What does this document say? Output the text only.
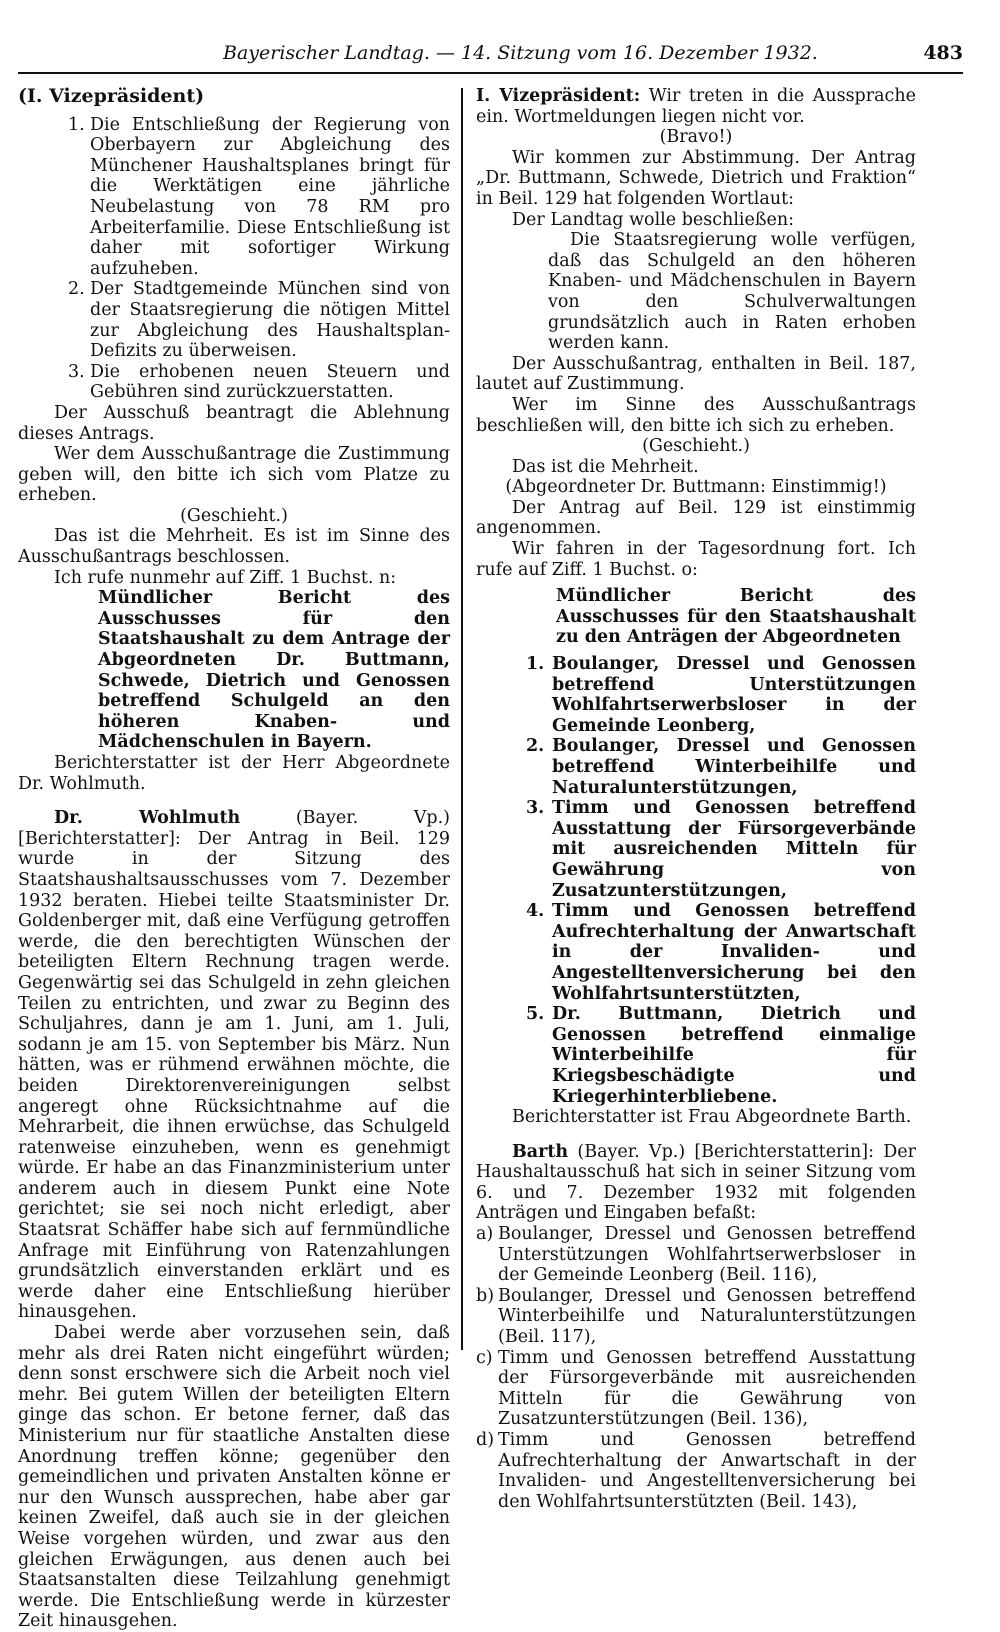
Bayerischer Landtag. — 14. Sitzung vom 16. Dezember 1932.	483

(I. Vizepräsident)

1. Die Entschließung der Regierung von Oberbayern zur Abgleichung des Münchener Haushaltsplanes bringt für die Werktätigen eine jährliche Neubelastung von 78 RM pro Arbeiterfamilie. Diese Entschließung ist daher mit sofortiger Wirkung aufzuheben.

2. Der Stadtgemeinde München sind von der Staatsregierung die nötigen Mittel zur Abgleichung des Haushaltsplan-Defizits zu überweisen.

3. Die erhobenen neuen Steuern und Gebühren sind zurückzuerstatten.

Der Ausschuß beantragt die Ablehnung dieses Antrags.

Wer dem Ausschußantrage die Zustimmung geben will, den bitte ich sich vom Platze zu erheben.

(Geschieht.)

Das ist die Mehrheit. Es ist im Sinne des Ausschußantrags beschlossen.

Ich rufe nunmehr auf Ziff. 1 Buchst. n:

Mündlicher Bericht des Ausschusses für den Staatshaushalt zu dem Antrage der Abgeordneten Dr. Buttmann, Schwede, Dietrich und Genossen betreffend Schulgeld an den höheren Knaben- und Mädchenschulen in Bayern.

Berichterstatter ist der Herr Abgeordnete Dr. Wohlmuth.

Dr. Wohlmuth	(Bayer. Vp.) [Berichterstatter]: Der Antrag in Beil. 129 wurde in der Sitzung des Staatshaushaltsausschusses vom 7. Dezember 1932 beraten. Hiebei teilte Staatsminister Dr. Goldenberger mit, daß eine Verfügung getroffen werde, die den berechtigten Wünschen der beteiligten Eltern Rechnung tragen werde. Gegenwärtig sei das Schulgeld in zehn gleichen Teilen zu entrichten, und zwar zu Beginn des Schuljahres, dann je am 1. Juni, am 1. Juli, sodann je am 15. von September bis März. Nun hätten, was er rühmend erwähnen möchte, die beiden Direktorenvereinigungen selbst angeregt ohne Rücksichtnahme auf die Mehrarbeit, die ihnen erwüchse, das Schulgeld ratenweise einzuheben, wenn es genehmigt würde. Er habe an das Finanzministerium unter anderem auch in diesem Punkt eine Note gerichtet; sie sei noch nicht erledigt, aber Staatsrat Schäffer habe sich auf fernmündliche Anfrage mit Einführung von Ratenzahlungen grundsätzlich einverstanden erklärt und es werde daher eine Entschließung hierüber hinausgehen.

Dabei werde aber vorzusehen sein, daß mehr als drei Raten nicht eingeführt würden; denn sonst erschwere sich die Arbeit noch viel mehr. Bei gutem Willen der beteiligten Eltern ginge das schon. Er betone ferner, daß das Ministerium nur für staatliche Anstalten diese Anordnung treffen könne; gegenüber den gemeindlichen und privaten Anstalten könne er nur den Wunsch aussprechen, habe aber gar keinen Zweifel, daß auch sie in der gleichen Weise vorgehen würden, und zwar aus den gleichen Erwägungen, aus denen auch bei Staatsanstalten diese Teilzahlung genehmigt werde. Die Entschließung werde in kürzester Zeit hinausgehen.

I. Vizepräsident: Wir treten in die Aussprache ein. Wortmeldungen liegen nicht vor.

(Bravo!)

Wir kommen zur Abstimmung. Der Antrag „Dr. Buttmann, Schwede, Dietrich und Fraktion“ in Beil. 129 hat folgenden Wortlaut:

Der Landtag wolle beschließen:

Die Staatsregierung wolle verfügen, daß das Schulgeld an den höheren Knaben- und Mädchenschulen in Bayern von den Schulverwaltungen grundsätzlich auch in Raten erhoben werden kann.

Der Ausschußantrag, enthalten in Beil. 187, lautet auf Zustimmung.

Wer im Sinne des Ausschußantrags beschließen will, den bitte ich sich zu erheben.

(Geschieht.)

Das ist die Mehrheit.

(Abgeordneter Dr. Buttmann: Einstimmig!)

Der Antrag auf Beil. 129 ist einstimmig angenommen.

Wir fahren in der Tagesordnung fort. Ich rufe auf Ziff. 1 Buchst. o:

Mündlicher Bericht des Ausschusses für den Staatshaushalt zu den Anträgen der Abgeordneten

1. Boulanger, Dressel und Genossen betreffend Unterstützungen Wohlfahrtserwerbsloser in der Gemeinde Leonberg,

2. Boulanger, Dressel und Genossen betreffend Winterbeihilfe und Naturalunterstützungen,

3. Timm und Genossen betreffend Ausstattung der Fürsorgeverbände mit ausreichenden Mitteln für Gewährung von Zusatzunterstützungen,

4. Timm und Genossen betreffend Aufrechterhaltung der Anwartschaft in der Invaliden- und Angestelltenversicherung bei den Wohlfahrtsunterstützten,

5. Dr. Buttmann, Dietrich und Genossen betreffend einmalige Winterbeihilfe für Kriegsbeschädigte und Kriegerhinterbliebene.

Berichterstatter ist Frau Abgeordnete Barth.

Barth (Bayer. Vp.) [Berichterstatterin]: Der Haushaltausschuß hat sich in seiner Sitzung vom 6. und 7. Dezember 1932 mit folgenden Anträgen und Eingaben befaßt:

a) Boulanger, Dressel und Genossen betreffend Unterstützungen Wohlfahrtserwerbsloser in der Gemeinde Leonberg (Beil. 116),

b) Boulanger, Dressel und Genossen betreffend Winterbeihilfe und Naturalunterstützungen (Beil. 117),

c) Timm und Genossen betreffend Ausstattung der Fürsorgeverbände mit ausreichenden Mitteln für die Gewährung von Zusatzunterstützungen (Beil. 136),

d) Timm und Genossen betreffend Aufrechterhaltung der Anwartschaft in der Invaliden- und Angestelltenversicherung bei den Wohlfahrtsunterstützten (Beil. 143),
